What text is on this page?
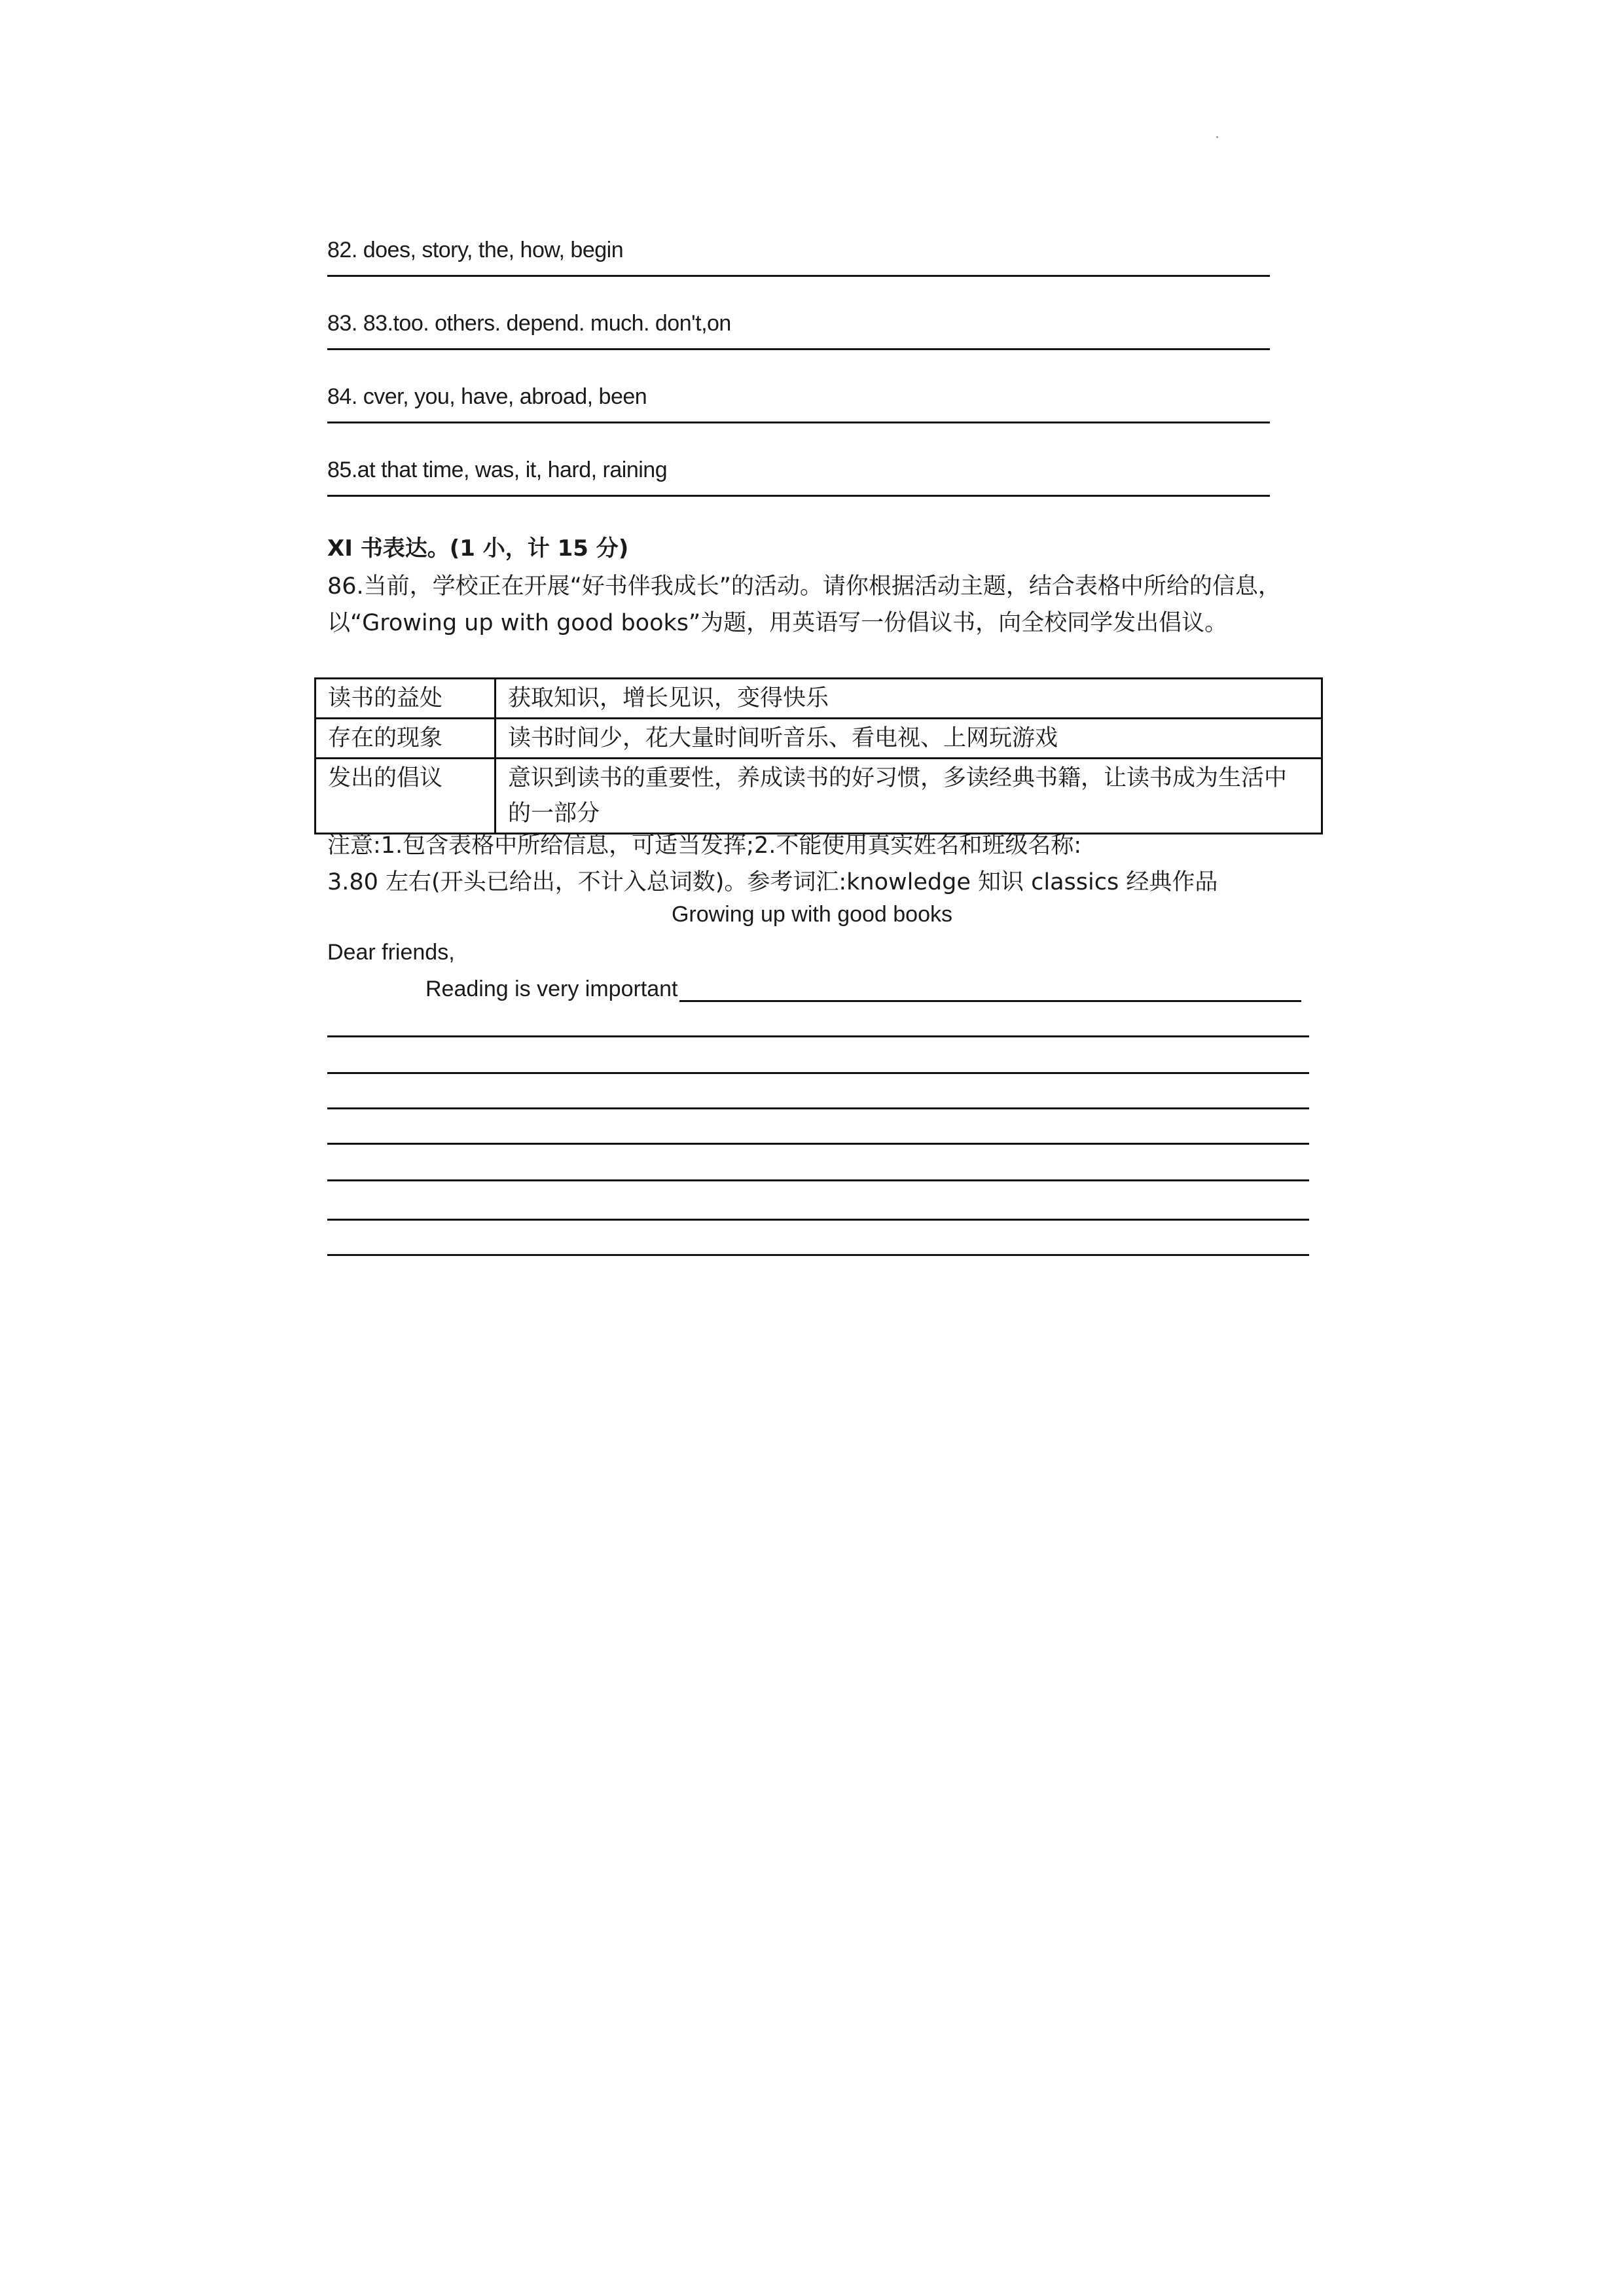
82. does, story, the, how, begin
83. 83.too. others. depend. much. don't,on
84. cver, you, have, abroad, been
85.at that time, was, it, hard, raining
XI 书表达。(1 小，计 15 分)
86.当前，学校正在开展“好书伴我成长”的活动。请你根据活动主题，结合表格中所给的信息，以“Growing up with good books”为题，用英语写一份倡议书，向全校同学发出倡议。
读书的益处	获取知识，增长见识，变得快乐
存在的现象	读书时间少，花大量时间听音乐、看电视、上网玩游戏
发出的倡议	意识到读书的重要性，养成读书的好习惯，多读经典书籍，让读书成为生活中的一部分
注意:1.包含表格中所给信息，可适当发挥;2.不能使用真实姓名和班级名称:
3.80 左右(开头已给出，不计入总词数)。参考词汇:knowledge 知识 classics 经典作品
Growing up with good books
Dear friends,
Reading is very important
